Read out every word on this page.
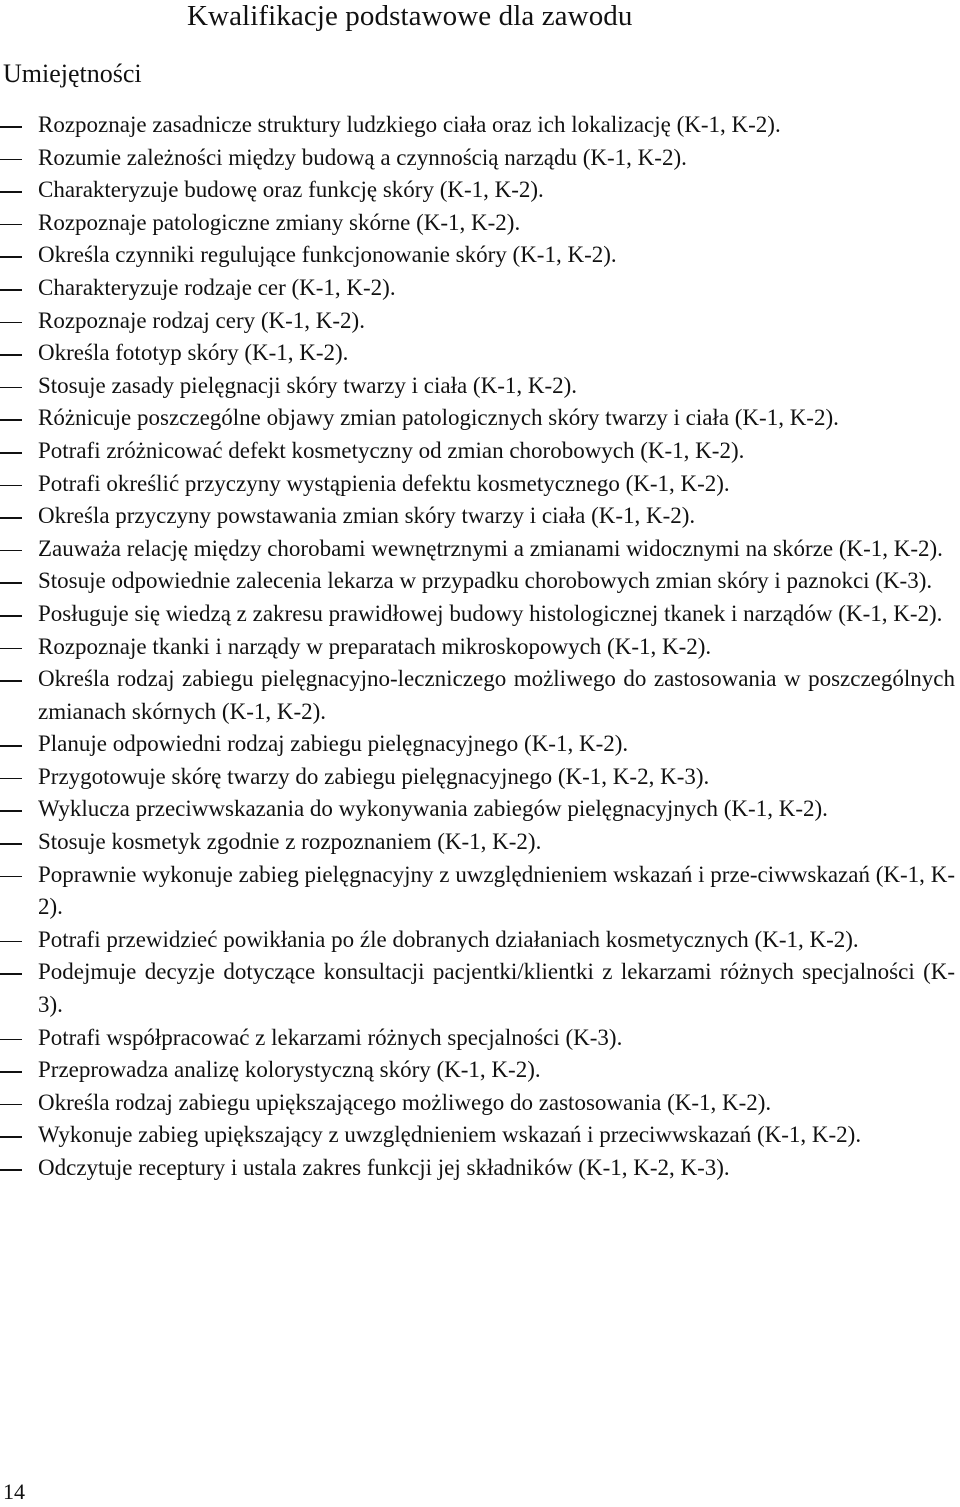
Kwalifikacje podstawowe dla zawodu
Umiejętności
Rozpoznaje zasadnicze struktury ludzkiego ciała oraz ich lokalizację (K-1, K-2).
Rozumie zależności między budową a czynnością narządu (K-1, K-2).
Charakteryzuje budowę oraz funkcję skóry (K-1, K-2).
Rozpoznaje patologiczne zmiany skórne (K-1, K-2).
Określa czynniki regulujące funkcjonowanie skóry (K-1, K-2).
Charakteryzuje rodzaje cer (K-1, K-2).
Rozpoznaje rodzaj cery (K-1, K-2).
Określa fototyp skóry (K-1, K-2).
Stosuje zasady pielęgnacji skóry twarzy i ciała (K-1, K-2).
Różnicuje poszczególne objawy zmian patologicznych skóry twarzy i ciała (K-1, K-2).
Potrafi zróżnicować defekt kosmetyczny od zmian chorobowych (K-1, K-2).
Potrafi określić przyczyny wystąpienia defektu kosmetycznego (K-1, K-2).
Określa przyczyny powstawania zmian skóry twarzy i ciała (K-1, K-2).
Zauważa relację między chorobami wewnętrznymi a zmianami widocznymi na skórze (K-1, K-2).
Stosuje odpowiednie zalecenia lekarza w przypadku chorobowych zmian skóry i paznokci (K-3).
Posługuje się wiedzą z zakresu prawidłowej budowy histologicznej tkanek i narządów (K-1, K-2).
Rozpoznaje tkanki i narządy w preparatach mikroskopowych (K-1, K-2).
Określa rodzaj zabiegu pielęgnacyjno-leczniczego możliwego do zastosowania w poszczególnych zmianach skórnych (K-1, K-2).
Planuje odpowiedni rodzaj zabiegu pielęgnacyjnego (K-1, K-2).
Przygotowuje skórę twarzy do zabiegu pielęgnacyjnego (K-1, K-2, K-3).
Wyklucza przeciwwskazania do wykonywania zabiegów pielęgnacyjnych (K-1, K-2).
Stosuje kosmetyk zgodnie z rozpoznaniem (K-1, K-2).
Poprawnie wykonuje zabieg pielęgnacyjny z uwzględnieniem wskazań i prze-ciwwskazań (K-1, K-2).
Potrafi przewidzieć powikłania po źle dobranych działaniach kosmetycznych (K-1, K-2).
Podejmuje decyzje dotyczące konsultacji pacjentki/klientki z lekarzami różnych specjalności (K-3).
Potrafi współpracować z lekarzami różnych specjalności (K-3).
Przeprowadza analizę kolorystyczną skóry (K-1, K-2).
Określa rodzaj zabiegu upiększającego możliwego do zastosowania (K-1, K-2).
Wykonuje zabieg upiększający z uwzględnieniem wskazań i przeciwwskazań (K-1, K-2).
Odczytuje receptury i ustala zakres funkcji jej składników (K-1, K-2, K-3).
14
